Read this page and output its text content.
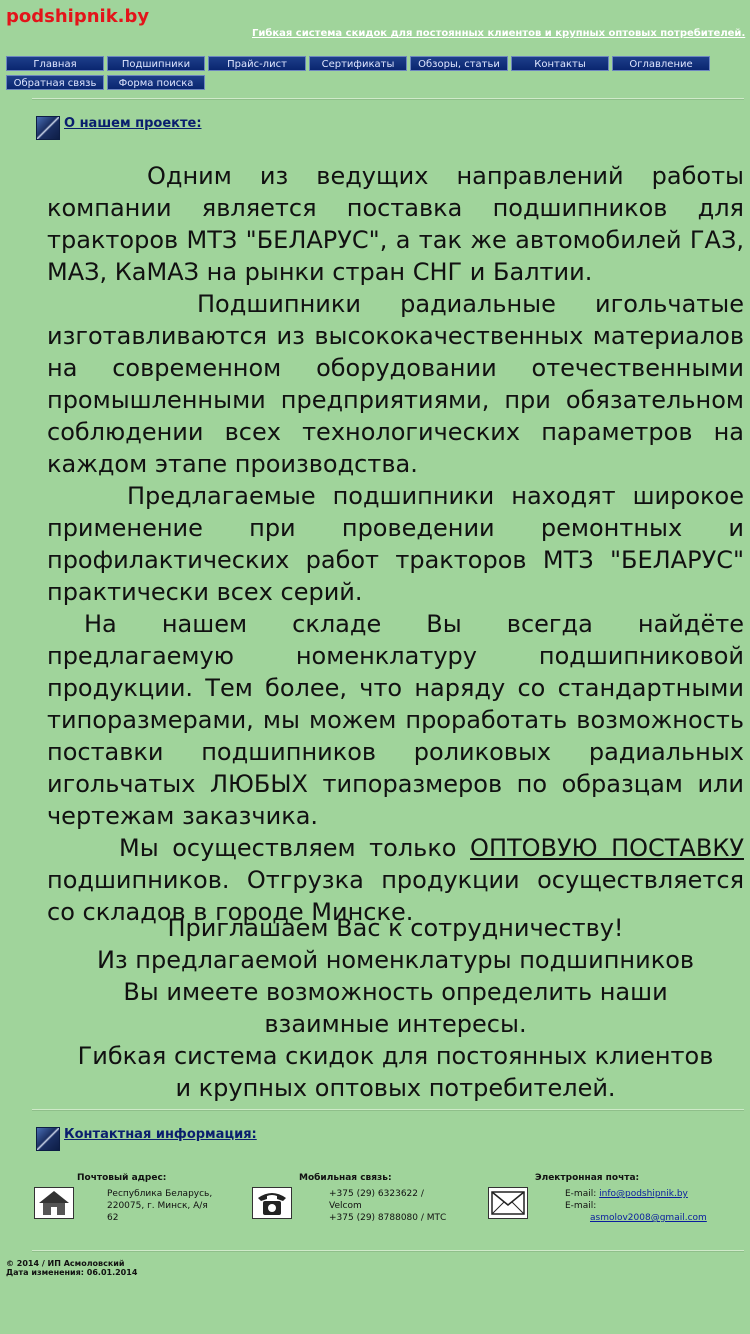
podshipnik.by
Гибкая система скидок для постоянных клиентов и крупных оптовых потребителей.
Главная	Подшипники	Прайс-лист	Сертификаты	Обзоры, статьи	Контакты	Оглавление
Обратная связь	Форма поиска
О нашем проекте:

Одним из ведущих направлений работы компании является поставка подшипников для тракторов МТЗ "БЕЛАРУС", а так же автомобилей ГАЗ, МАЗ, КаМАЗ на рынки стран СНГ и Балтии.

Подшипники радиальные игольчатые изготавливаются из высококачественных материалов на современном оборудовании отечественными промышленными предприятиями, при обязательном соблюдении всех технологических параметров на каждом этапе производства.

Предлагаемые подшипники находят широкое применение при проведении ремонтных и профилактических работ тракторов МТЗ "БЕЛАРУС" практически всех серий.

На нашем складе Вы всегда найдёте предлагаемую номенклатуру подшипниковой продукции. Тем более, что наряду со стандартными типоразмерами, мы можем проработать возможность поставки подшипников роликовых радиальных игольчатых ЛЮБЫХ типоразмеров по образцам или чертежам заказчика.

Мы осуществляем только ОПТОВУЮ ПОСТАВКУ подшипников. Отгрузка продукции осуществляется со складов в городе Минске.

Приглашаем Вас к сотрудничеству!
Из предлагаемой номенклатуры подшипников Вы имеете возможность определить наши взаимные интересы.
Гибкая система скидок для постоянных клиентов и крупных оптовых потребителей.
Контактная информация:
Почтовый адрес:
Республика Беларусь, 220075, г. Минск, А/я 62
Мобильная связь:
+375 (29) 6323622 / Velcom
+375 (29) 8788080 / МТС
Электронная почта:
E-mail: info@podshipnik.by
E-mail:
asmolov2008@gmail.com
© 2014 / ИП Асмоловский
Дата изменения: 06.01.2014
